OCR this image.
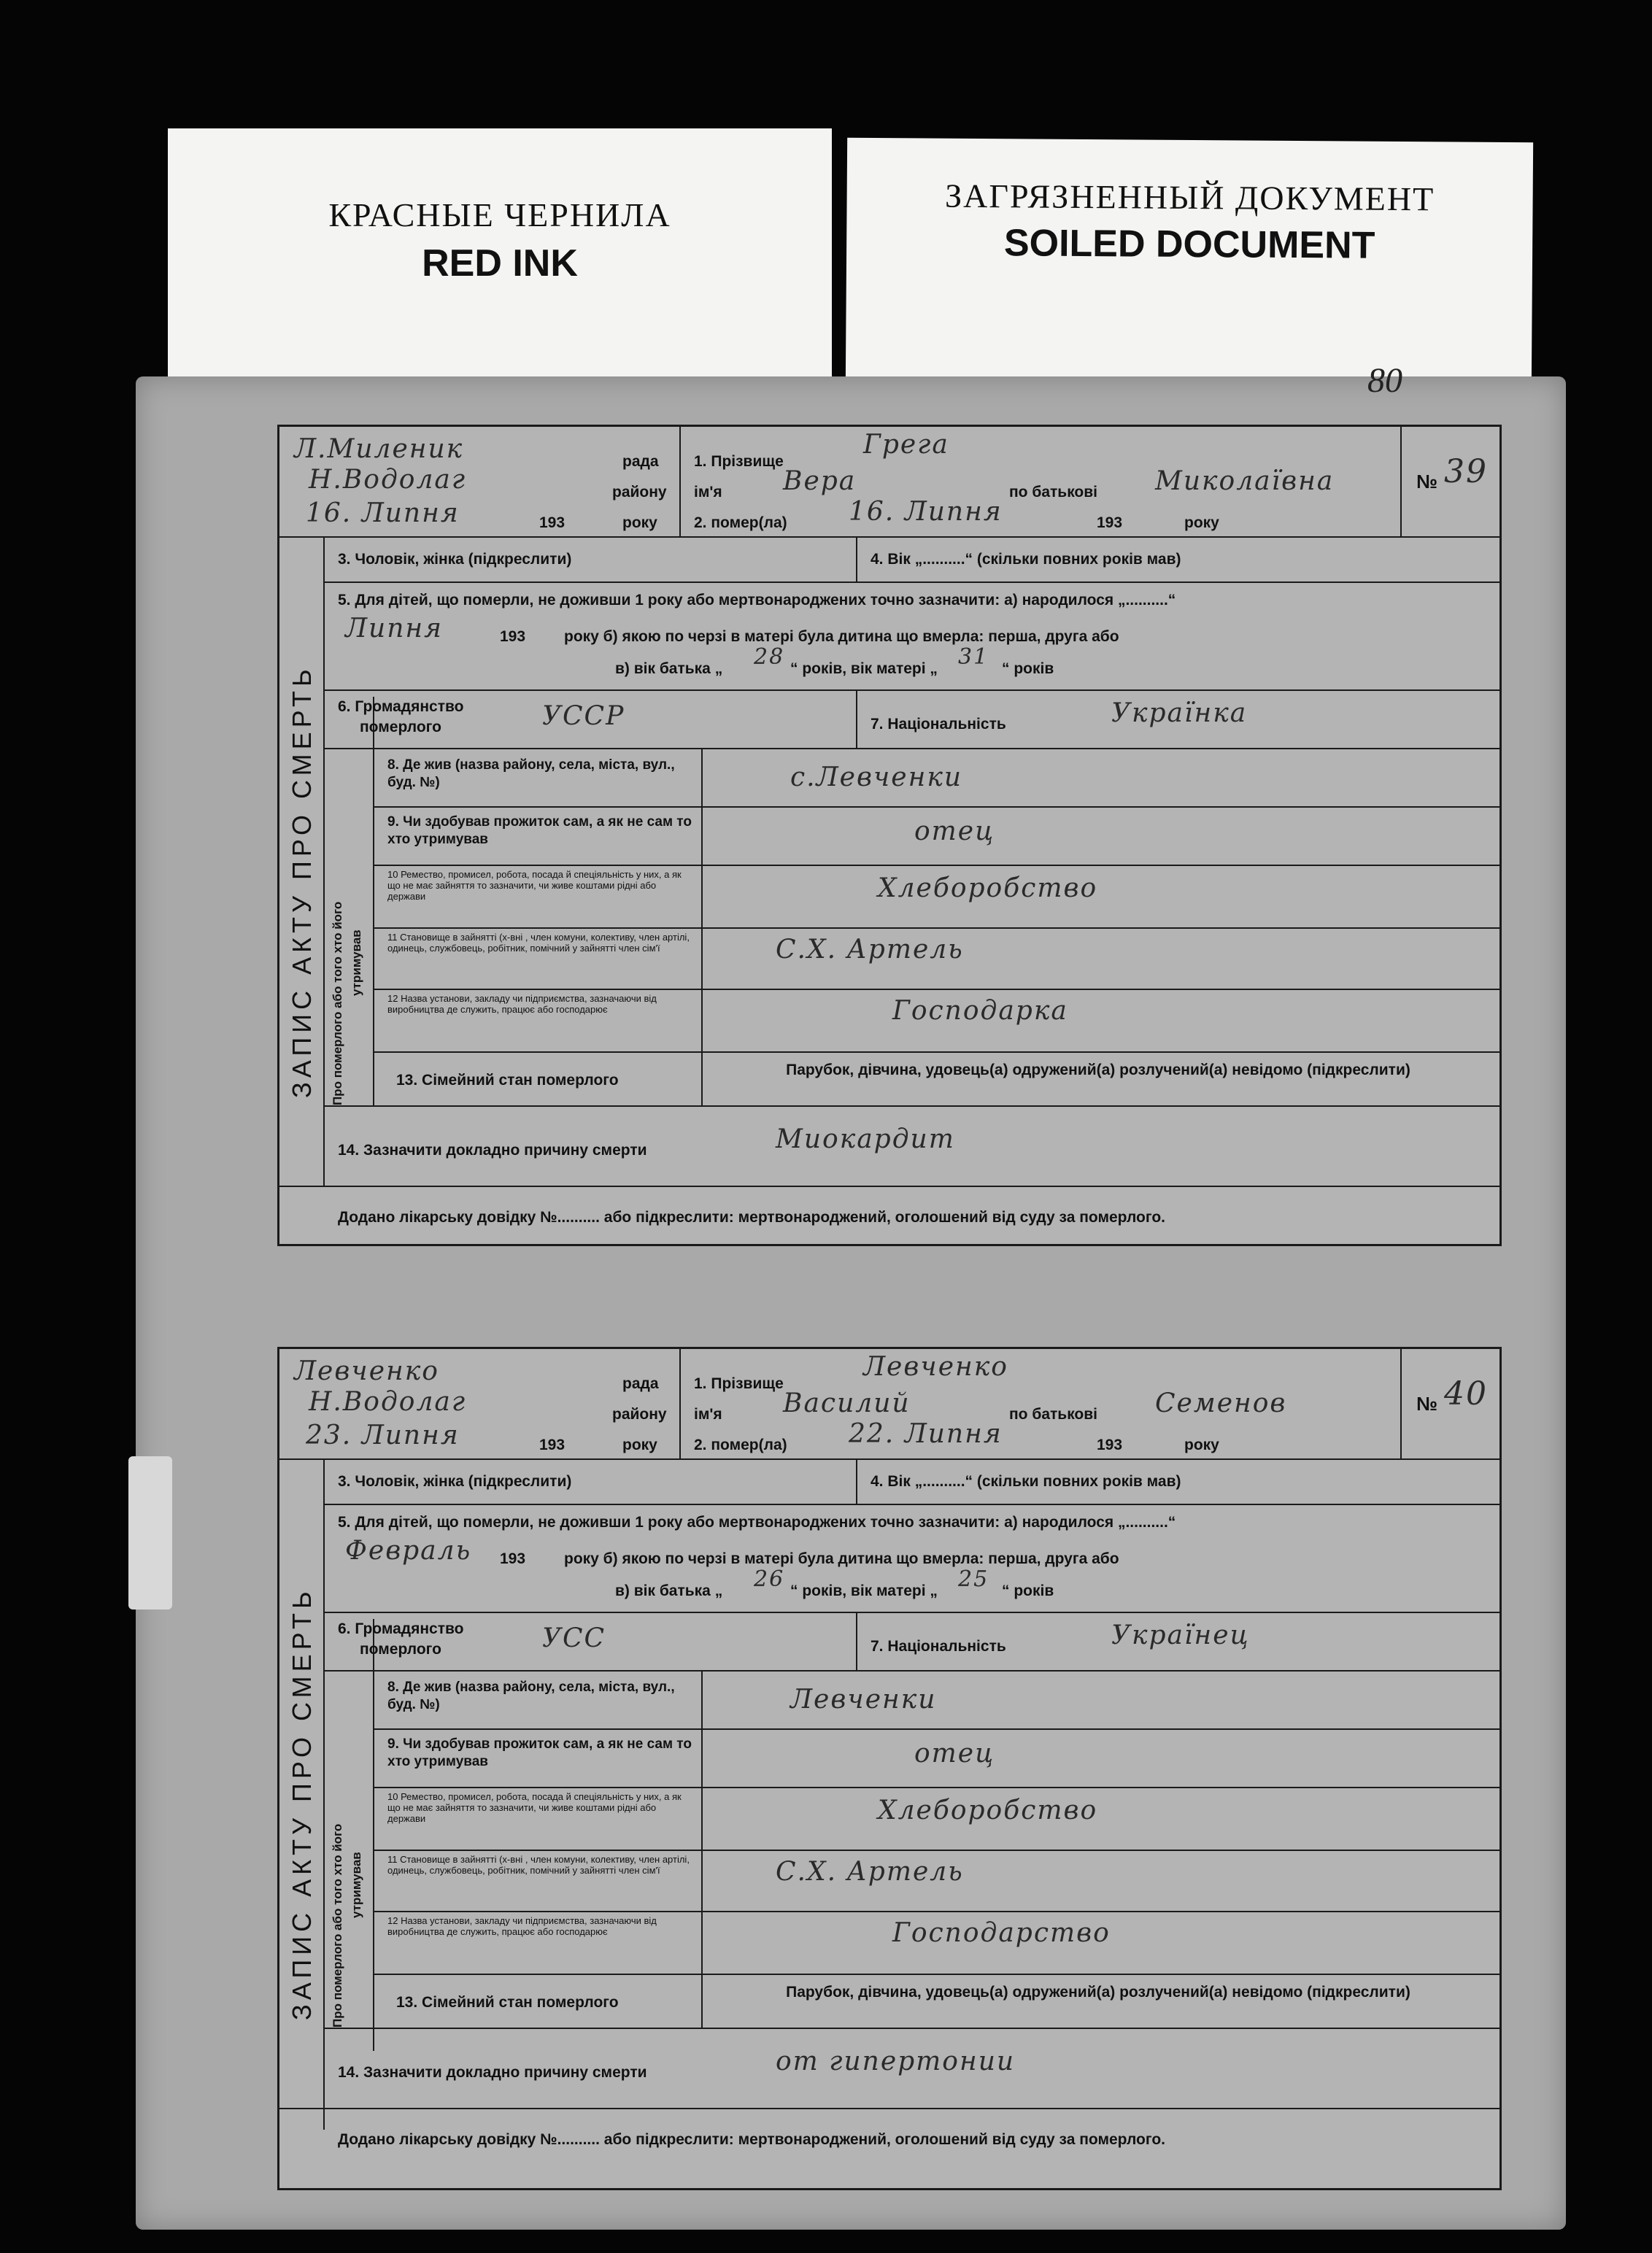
КРАСНЫЕ ЧЕРНИЛА
RED INK
ЗАГРЯЗНЕННЫЙ ДОКУМЕНТ
SOILED DOCUMENT
80
Л.Миленик	рада
Н.Водолаг	району
16. Липня	193	року
1. Прізвище
Грега
ім'я Вера	по батькові Миколаївна
2. помер(ла) 16. Липня	193	року
№ 39
ЗАПИС АКТУ ПРО СМЕРТЬ Про померлого або того хто його утримував
3. Чоловік, жінка (підкреслити)	4. Вік „..........“ (скільки повних років мав)
5. Для дітей, що померли, не доживши 1 року або мертвонароджених точно зазначити: а) народилося „..........“
Липня	193	року б) якою по черзі в матері була дитина що вмерла: перша, друга або
в) вік батька „ 28 “ років, вік матері „ 31 “ років
6. Громадянство
померлого	УССР	7. Національність	Українка
8. Де жив (назва району, села, міста, вул., буд. №)	с.Левченки
9. Чи здобував прожиток сам, а як не сам то хто утримував	отец
10 Ремество, промисел, робота, посада й спеціяльність у них, а як що не має зайняття то зазначити, чи живе коштами рідні або держави	Хлеборобство
11 Становище в зайнятті (х-вні , член комуни, колективу, член артілі, одинець, службовець, робітник, помічний у зайнятті член сім'ї	С.Х. Артель
12 Назва установи, закладу чи підприємства, зазначаючи від виробництва де служить, працює або господарює	Господарка
13. Сімейний стан померлого
Парубок, дівчина, удовець(а) одружений(а) розлучений(а) невідомо (підкреслити)
14. Зазначити докладно причину смерти	Миокардит
Додано лікарську довідку №.......... або підкреслити: мертвонароджений, оголошений від суду за померлого.
Левченко	рада
Н.Водолаг	району
23. Липня	193	року
1. Прізвище
Левченко
ім'я Василий	по батькові Семенов
2. помер(ла) 22. Липня	193	року
№ 40
ЗАПИС АКТУ ПРО СМЕРТЬ Про померлого або того хто його утримував
3. Чоловік, жінка (підкреслити)	4. Вік „..........“ (скільки повних років мав)
5. Для дітей, що померли, не доживши 1 року або мертвонароджених точно зазначити: а) народилося „..........“
Февраль 193	року б) якою по черзі в матері була дитина що вмерла: перша, друга або
в) вік батька „ 26 “ років, вік матері „ 25 “ років
6. Громадянство
померлого	УСС	7. Національність	Українец
8. Де жив (назва району, села, міста, вул., буд. №)	Левченки
9. Чи здобував прожиток сам, а як не сам то хто утримував	отец
10 Ремество, промисел, робота, посада й спеціяльність у них, а як що не має зайняття то зазначити, чи живе коштами рідні або держави	Хлеборобство
11 Становище в зайнятті (х-вні , член комуни, колективу, член артілі, одинець, службовець, робітник, помічний у зайнятті член сім'ї	С.Х. Артель
12 Назва установи, закладу чи підприємства, зазначаючи від виробництва де служить, працює або господарює	Господарство
13. Сімейний стан померлого
Парубок, дівчина, удовець(а) одружений(а) розлучений(а) невідомо (підкреслити)
14. Зазначити докладно причину смерти	от гипертонии
Додано лікарську довідку №.......... або підкреслити: мертвонароджений, оголошений від суду за померлого.
